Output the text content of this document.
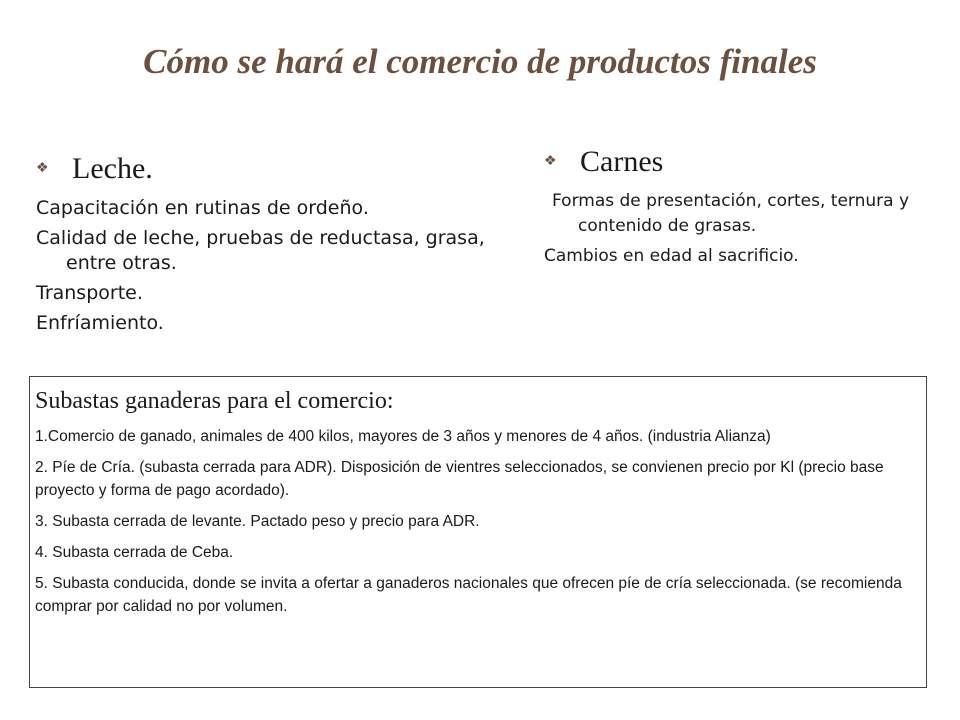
Cómo se hará el comercio de productos finales
❖ Leche.

Capacitación en rutinas de ordeño.

Calidad de leche, pruebas de reductasa, grasa, entre otras.

Transporte.

Enfríamiento.

❖ Carnes

Formas de presentación, cortes, ternura y contenido de grasas.

Cambios en edad al sacrificio.

Subastas ganaderas para el comercio:

1.Comercio de ganado, animales de 400 kilos, mayores de 3 años y menores de 4 años. (industria Alianza)

2. Píe de Cría. (subasta cerrada para ADR). Disposición de vientres seleccionados, se convienen precio por Kl (precio base proyecto y forma de pago acordado).

3. Subasta cerrada de levante. Pactado peso y precio para ADR.

4. Subasta cerrada de Ceba.

5. Subasta conducida, donde se invita a ofertar a ganaderos nacionales que ofrecen píe de cría seleccionada. (se recomienda comprar por calidad no por volumen.
